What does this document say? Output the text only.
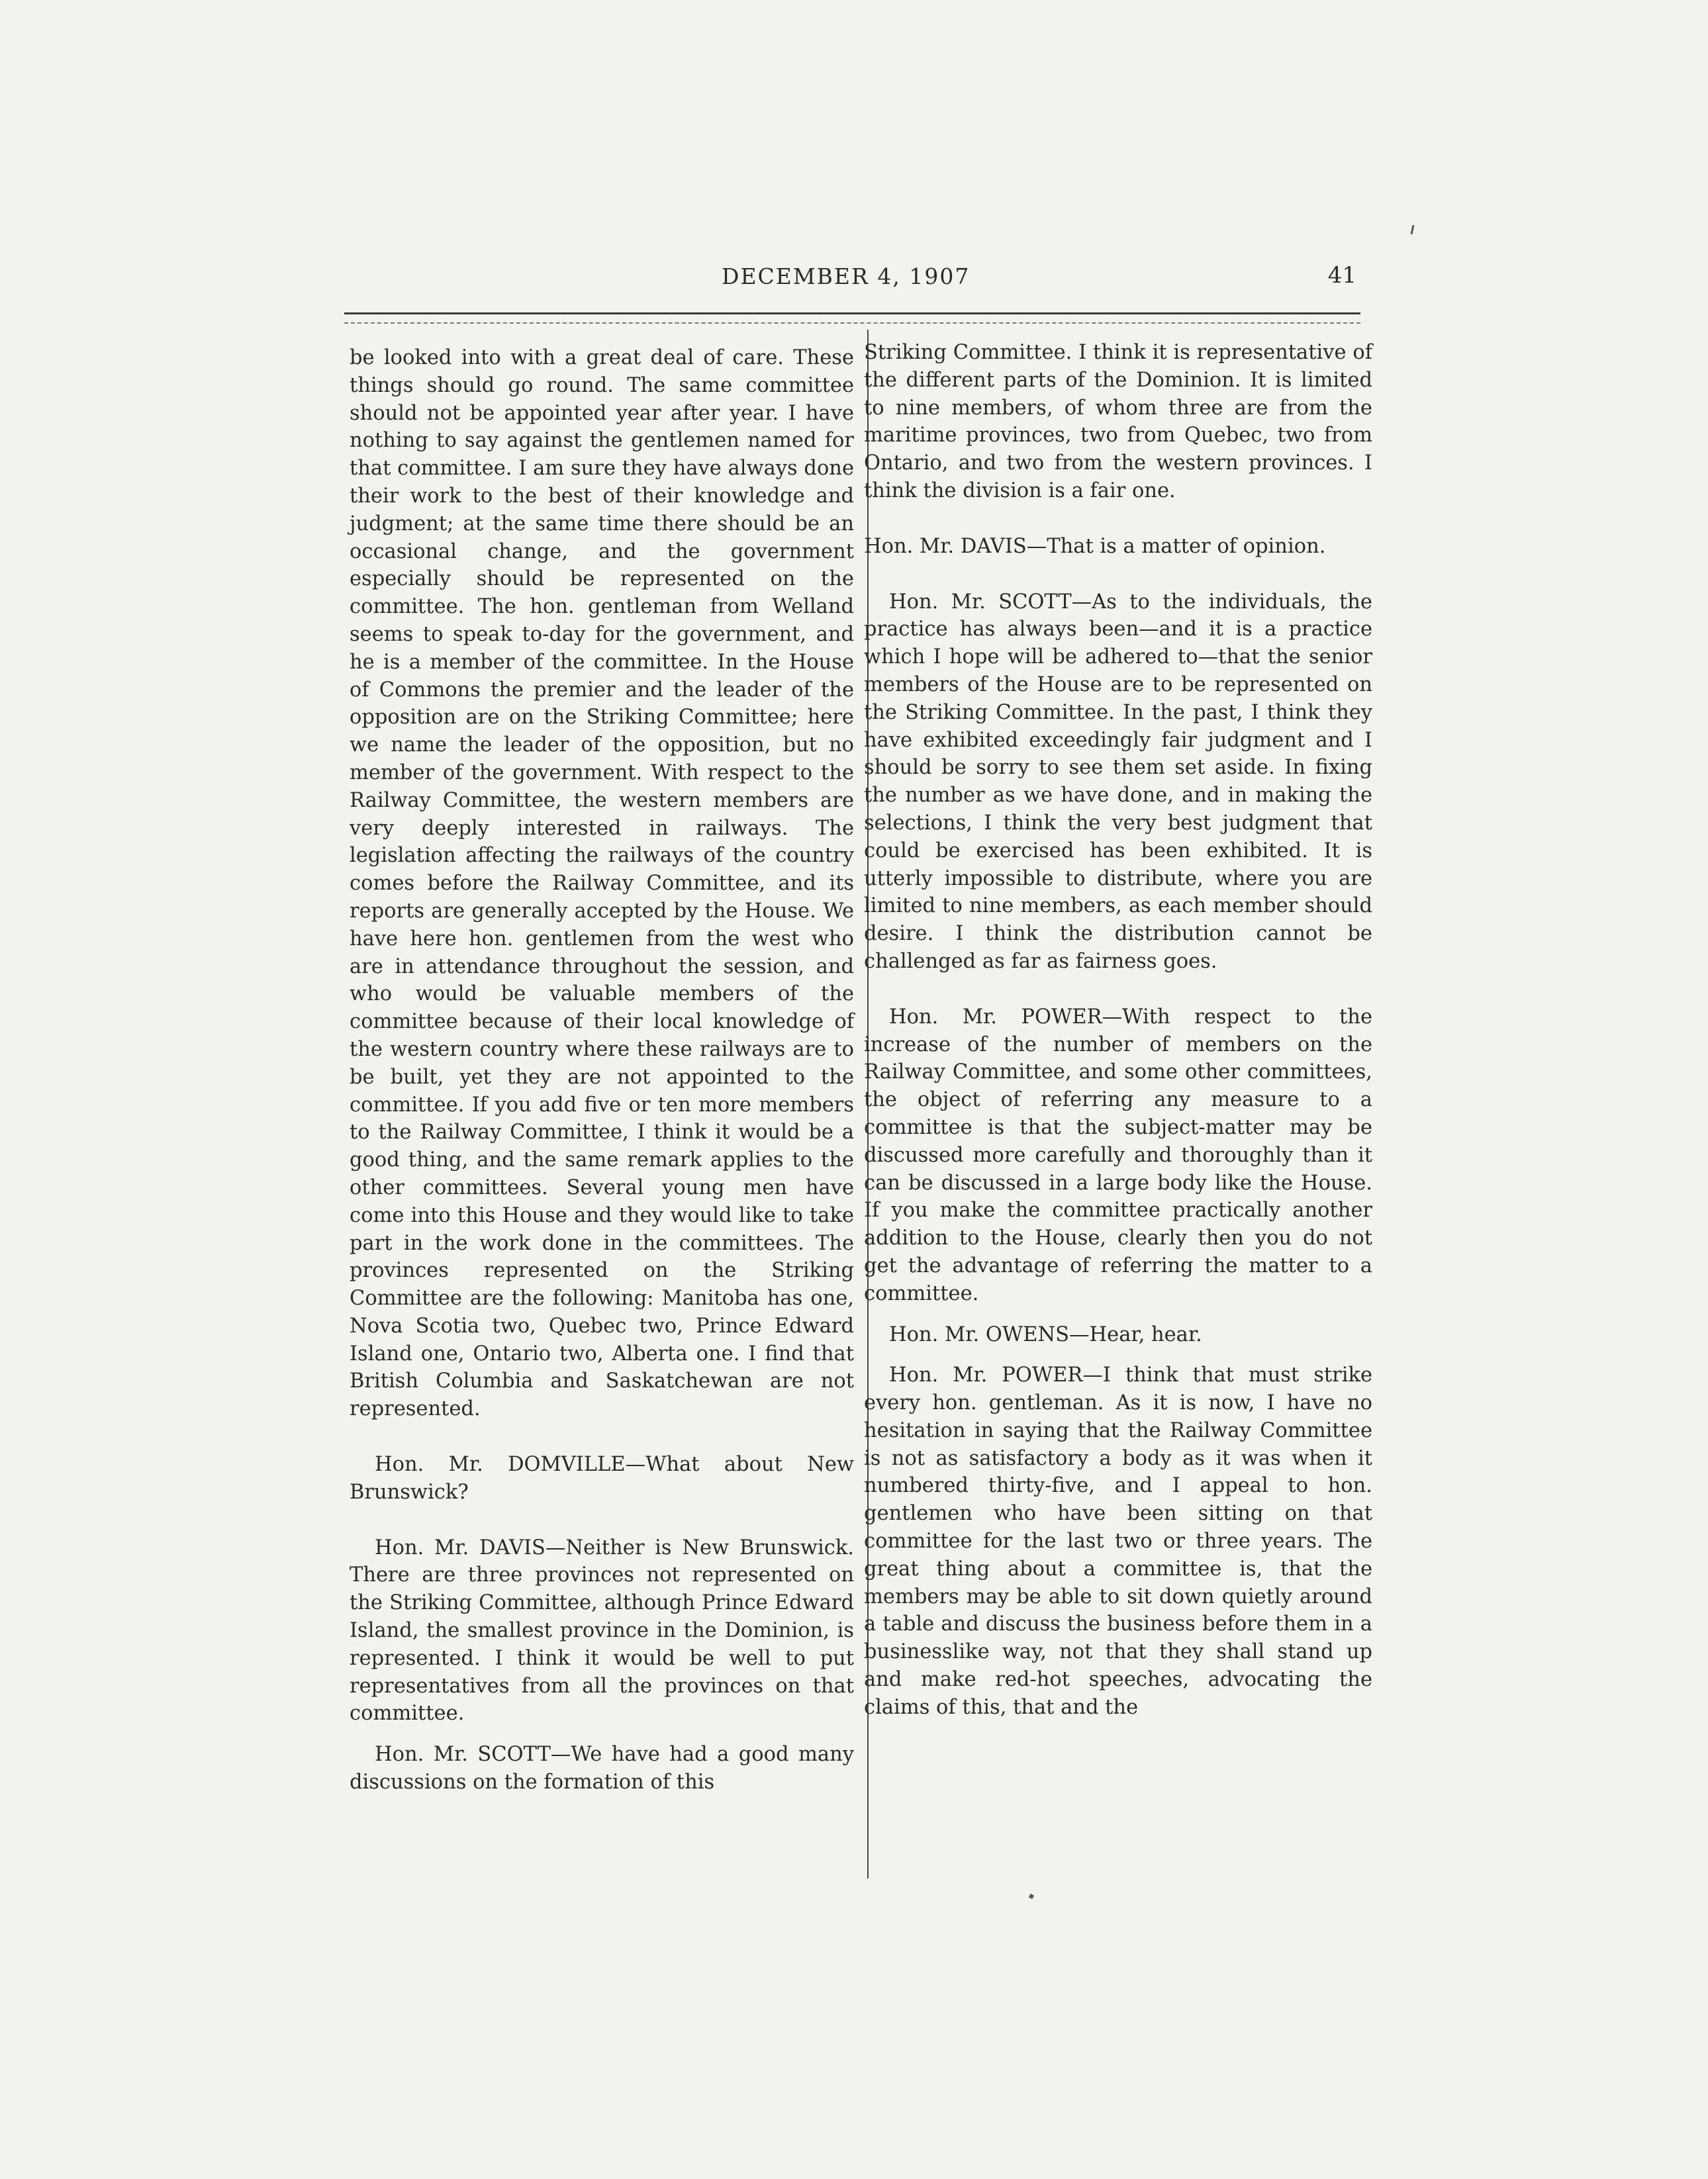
DECEMBER 4, 1907	41

be looked into with a great deal of care. These things should go round. The same committee should not be appointed year after year. I have nothing to say against the gentlemen named for that committee. I am sure they have always done their work to the best of their knowledge and judgment; at the same time there should be an occasional change, and the government especially should be represented on the committee. The hon. gentleman from Welland seems to speak to-day for the government, and he is a member of the committee. In the House of Commons the premier and the leader of the opposition are on the Striking Committee; here we name the leader of the opposition, but no member of the government. With respect to the Railway Committee, the western members are very deeply interested in railways. The legislation affecting the railways of the country comes before the Railway Committee, and its reports are generally accepted by the House. We have here hon. gentlemen from the west who are in attendance throughout the session, and who would be valuable members of the committee because of their local knowledge of the western country where these railways are to be built, yet they are not appointed to the committee. If you add five or ten more members to the Railway Committee, I think it would be a good thing, and the same remark applies to the other committees. Several young men have come into this House and they would like to take part in the work done in the committees. The provinces represented on the Striking Committee are the following: Manitoba has one, Nova Scotia two, Quebec two, Prince Edward Island one, Ontario two, Alberta one. I find that British Columbia and Saskatchewan are not represented.

Hon. Mr. DOMVILLE—What about New Brunswick?

Hon. Mr. DAVIS—Neither is New Brunswick. There are three provinces not represented on the Striking Committee, although Prince Edward Island, the smallest province in the Dominion, is represented. I think it would be well to put representatives from all the provinces on that committee.

Hon. Mr. SCOTT—We have had a good many discussions on the formation of this

Striking Committee. I think it is representative of the different parts of the Dominion. It is limited to nine members, of whom three are from the maritime provinces, two from Quebec, two from Ontario, and two from the western provinces. I think the division is a fair one.

Hon. Mr. DAVIS—That is a matter of opinion.

Hon. Mr. SCOTT—As to the individuals, the practice has always been—and it is a practice which I hope will be adhered to—that the senior members of the House are to be represented on the Striking Committee. In the past, I think they have exhibited exceedingly fair judgment and I should be sorry to see them set aside. In fixing the number as we have done, and in making the selections, I think the very best judgment that could be exercised has been exhibited. It is utterly impossible to distribute, where you are limited to nine members, as each member should desire. I think the distribution cannot be challenged as far as fairness goes.

Hon. Mr. POWER—With respect to the increase of the number of members on the Railway Committee, and some other committees, the object of referring any measure to a committee is that the subject-matter may be discussed more carefully and thoroughly than it can be discussed in a large body like the House. If you make the committee practically another addition to the House, clearly then you do not get the advantage of referring the matter to a committee.

Hon. Mr. OWENS—Hear, hear.

Hon. Mr. POWER—I think that must strike every hon. gentleman. As it is now, I have no hesitation in saying that the Railway Committee is not as satisfactory a body as it was when it numbered thirty-five, and I appeal to hon. gentlemen who have been sitting on that committee for the last two or three years. The great thing about a committee is, that the members may be able to sit down quietly around a table and discuss the business before them in a businesslike way, not that they shall stand up and make red-hot speeches, advocating the claims of this, that and the
